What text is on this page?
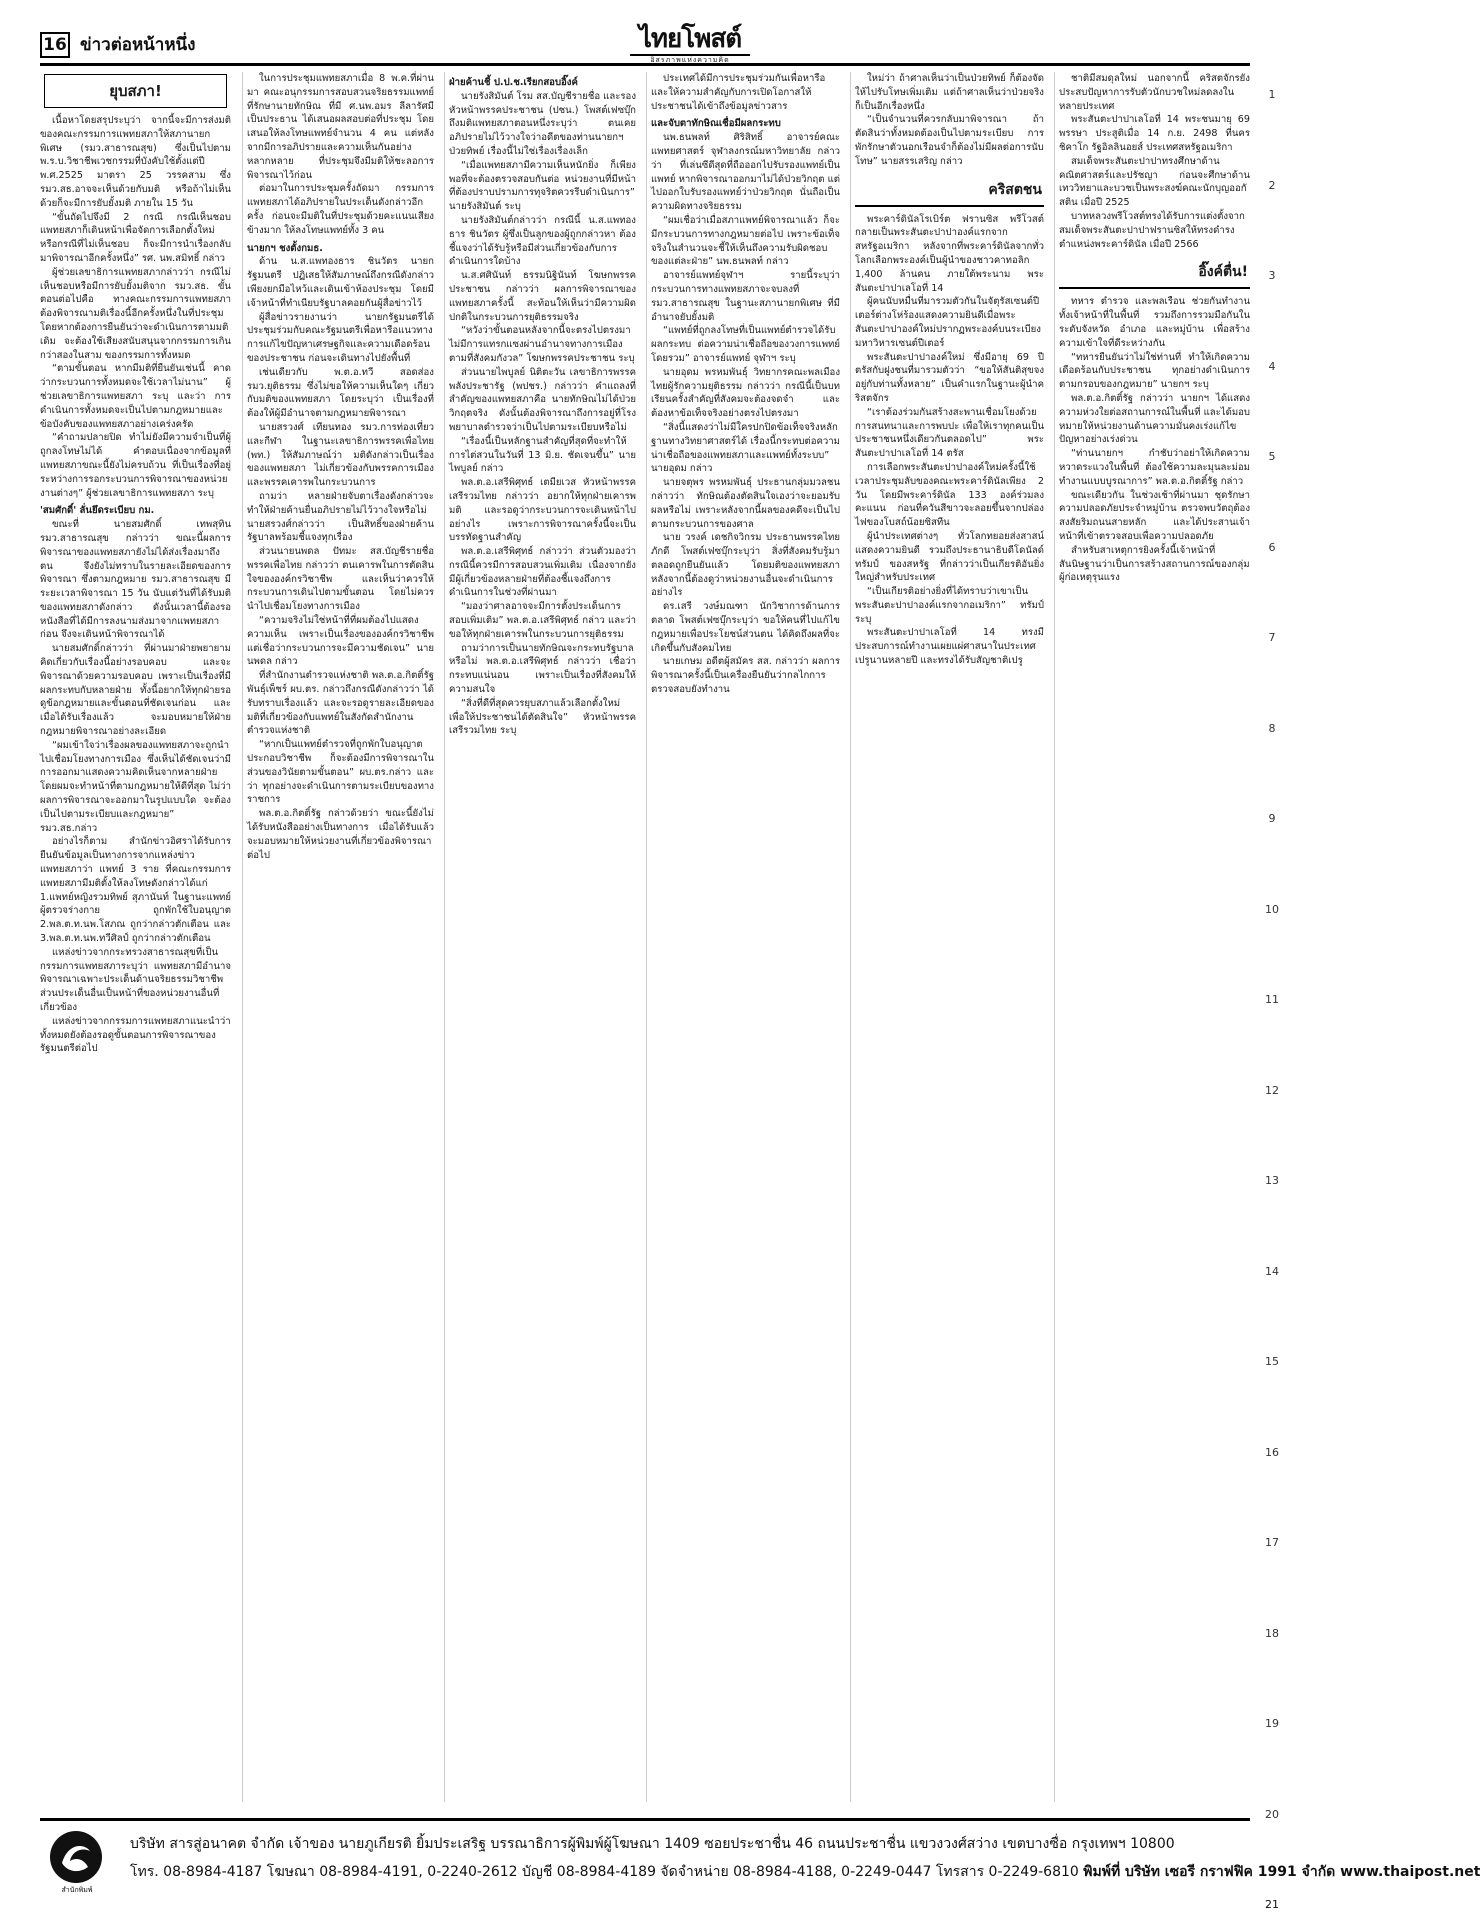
16 ข่าวต่อหน้าหนึ่ง	ไทยโพสต์
อิสรภาพแห่งความคิด
1
2
3
4
5
6
7
8
9
10
11
12
13
14
15
16
17
18
19
20
ยุบสภา!

เนื้อหาโดยสรุประบุว่า จากนี้จะมีการส่งมติของคณะกรรมการแพทยสภาให้สภานายกพิเศษ (รมว.สาธารณสุข) ซึ่งเป็นไปตาม พ.ร.บ.วิชาชีพเวชกรรมที่บังคับใช้ตั้งแต่ปี พ.ศ.2525 มาตรา 25 วรรคสาม ซึ่ง รมว.สธ.อาจจะเห็นด้วยกับมติ หรือถ้าไม่เห็นด้วยก็จะมีการยับยั้งมติ ภายใน 15 วัน

“ขั้นถัดไปจึงมี 2 กรณี กรณีเห็นชอบ แพทยสภาก็เดินหน้าเพื่อจัดการเลือกตั้งใหม่ หรือกรณีที่ไม่เห็นชอบ ก็จะมีการนำเรื่องกลับมาพิจารณาอีกครั้งหนึ่ง” รศ. นพ.สมิทธิ์ กล่าว

ผู้ช่วยเลขาธิการแพทยสภากล่าวว่า กรณีไม่เห็นชอบหรือมีการยับยั้งมติจาก รมว.สธ. ขั้นตอนต่อไปคือ ทางคณะกรรมการแพทยสภาต้องพิจารณามติเรื่องนี้อีกครั้งหนึ่งในที่ประชุม โดยหากต้องการยืนยันว่าจะดำเนินการตามมติเดิม จะต้องใช้เสียงสนับสนุนจากกรรมการเกินกว่าสองในสาม ของกรรมการทั้งหมด

“ตามขั้นตอน หากมีมติที่ยืนยันเช่นนี้ คาดว่ากระบวนการทั้งหมดจะใช้เวลาไม่นาน” ผู้ช่วยเลขาธิการแพทยสภา ระบุ และว่า การดำเนินการทั้งหมดจะเป็นไปตามกฎหมายและข้อบังคับของแพทยสภาอย่างเคร่งครัด

“คำถามปลายปิด ทำไม่ยังมีความจำเป็นที่ผู้ถูกลงโทษไม่ได้ คำตอบเนื่องจากข้อมูลที่แพทยสภาขณะนี้ยังไม่ครบถ้วน ที่เป็นเรื่องที่อยู่ระหว่างการรอกระบวนการพิจารณาของหน่วยงานต่างๆ” ผู้ช่วยเลขาธิการแพทยสภา ระบุ

'สมศักดิ์' ลั่นยึดระเบียบ กม.

ขณะที่ นายสมศักดิ์ เทพสุทิน รมว.สาธารณสุข กล่าวว่า ขณะนี้ผลการพิจารณาของแพทยสภายังไม่ได้ส่งเรื่องมาถึงตน จึงยังไม่ทราบในรายละเอียดของการพิจารณา ซึ่งตามกฎหมาย รมว.สาธารณสุข มีระยะเวลาพิจารณา 15 วัน นับแต่วันที่ได้รับมติของแพทยสภาดังกล่าว ดังนั้นเวลานี้ต้องรอหนังสือที่ได้มีการลงนามส่งมาจากแพทยสภาก่อน จึงจะเดินหน้าพิจารณาได้

นายสมศักดิ์กล่าวว่า ที่ผ่านมาฝ่ายพยายามคิดเกี่ยวกับเรื่องนี้อย่างรอบคอบ และจะพิจารณาด้วยความรอบคอบ เพราะเป็นเรื่องที่มีผลกระทบกับหลายฝ่าย ทั้งนี้อยากให้ทุกฝ่ายรอดูข้อกฎหมายและขั้นตอนที่ชัดเจนก่อน และเมื่อได้รับเรื่องแล้ว จะมอบหมายให้ฝ่ายกฎหมายพิจารณาอย่างละเอียด

“ผมเข้าใจว่าเรื่องผลของแพทยสภาจะถูกนำไปเชื่อมโยงทางการเมือง ซึ่งเห็นได้ชัดเจนว่ามีการออกมาแสดงความคิดเห็นจากหลายฝ่าย โดยผมจะทำหน้าที่ตามกฎหมายให้ดีที่สุด ไม่ว่าผลการพิจารณาจะออกมาในรูปแบบใด จะต้องเป็นไปตามระเบียบและกฎหมาย” รมว.สธ.กล่าว

อย่างไรก็ตาม สำนักข่าวอิศราได้รับการยืนยันข้อมูลเป็นทางการจากแหล่งข่าวแพทยสภาว่า แพทย์ 3 ราย ที่คณะกรรมการแพทยสภามีมติตั้งให้ลงโทษดังกล่าวได้แก่ 1.แพทย์หญิงรวมทิพย์ สุภานันท์ ในฐานะแพทย์ผู้ตรวจร่างกาย ถูกพักใช้ใบอนุญาต 2.พล.ต.ท.นพ.โสภณ ถูกว่ากล่าวตักเตือน และ 3.พล.ต.ท.นพ.ทวีศิลป์ ถูกว่ากล่าวตักเตือน

แหล่งข่าวจากกระทรวงสาธารณสุขที่เป็นกรรมการแพทยสภาระบุว่า แพทยสภามีอำนาจพิจารณาเฉพาะประเด็นด้านจริยธรรมวิชาชีพ ส่วนประเด็นอื่นเป็นหน้าที่ของหน่วยงานอื่นที่เกี่ยวข้อง

แหล่งข่าวจากกรรมการแพทยสภาแนะนำว่า ทั้งหมดยังต้องรอดูขั้นตอนการพิจารณาของรัฐมนตรีต่อไป

ในการประชุมแพทยสภาเมื่อ 8 พ.ค.ที่ผ่านมา คณะอนุกรรมการสอบสวนจริยธรรมแพทย์ที่รักษานายทักษิณ ที่มี ศ.นพ.อมร ลีลารัศมี เป็นประธาน ได้เสนอผลสอบต่อที่ประชุม โดยเสนอให้ลงโทษแพทย์จำนวน 4 คน แต่หลังจากมีการอภิปรายและความเห็นกันอย่างหลากหลาย ที่ประชุมจึงมีมติให้ชะลอการพิจารณาไว้ก่อน

ต่อมาในการประชุมครั้งถัดมา กรรมการแพทยสภาได้อภิปรายในประเด็นดังกล่าวอีกครั้ง ก่อนจะมีมติในที่ประชุมด้วยคะแนนเสียงข้างมาก ให้ลงโทษแพทย์ทั้ง 3 คน

นายกฯ ชงตั้งกมธ.

ด้าน น.ส.แพทองธาร ชินวัตร นายกรัฐมนตรี ปฏิเสธให้สัมภาษณ์ถึงกรณีดังกล่าว เพียงยกมือไหว้และเดินเข้าห้องประชุม โดยมีเจ้าหน้าที่ทำเนียบรัฐบาลคอยกันผู้สื่อข่าวไว้

ผู้สื่อข่าวรายงานว่า นายกรัฐมนตรีได้ประชุมร่วมกับคณะรัฐมนตรีเพื่อหารือแนวทางการแก้ไขปัญหาเศรษฐกิจและความเดือดร้อนของประชาชน ก่อนจะเดินทางไปยังพื้นที่

เช่นเดียวกับ พ.ต.อ.ทวี สอดส่อง รมว.ยุติธรรม ซึ่งไม่ขอให้ความเห็นใดๆ เกี่ยวกับมติของแพทยสภา โดยระบุว่า เป็นเรื่องที่ต้องให้ผู้มีอำนาจตามกฎหมายพิจารณา

นายสรวงศ์ เทียนทอง รมว.การท่องเที่ยวและกีฬา ในฐานะเลขาธิการพรรคเพื่อไทย (พท.) ให้สัมภาษณ์ว่า มติดังกล่าวเป็นเรื่องของแพทยสภา ไม่เกี่ยวข้องกับพรรคการเมือง และพรรคเคารพในกระบวนการ

ถามว่า หลายฝ่ายจับตาเรื่องดังกล่าวจะทำให้ฝ่ายค้านยื่นอภิปรายไม่ไว้วางใจหรือไม่ นายสรวงศ์กล่าวว่า เป็นสิทธิ์ของฝ่ายค้าน รัฐบาลพร้อมชี้แจงทุกเรื่อง

ส่วนนายนพดล ปัทมะ สส.บัญชีรายชื่อ พรรคเพื่อไทย กล่าวว่า ตนเคารพในการตัดสินใจขององค์กรวิชาชีพ และเห็นว่าควรให้กระบวนการเดินไปตามขั้นตอน โดยไม่ควรนำไปเชื่อมโยงทางการเมือง

“ความจริงไม่ใช่หน้าที่ที่ผมต้องไปแสดงความเห็น เพราะเป็นเรื่องขององค์กรวิชาชีพ แต่เชื่อว่ากระบวนการจะมีความชัดเจน” นายนพดล กล่าว

ที่สำนักงานตำรวจแห่งชาติ พล.ต.อ.กิตติ์รัฐ พันธุ์เพ็ชร์ ผบ.ตร. กล่าวถึงกรณีดังกล่าวว่า ได้รับทราบเรื่องแล้ว และจะรอดูรายละเอียดของมติที่เกี่ยวข้องกับแพทย์ในสังกัดสำนักงานตำรวจแห่งชาติ

“หากเป็นแพทย์ตำรวจที่ถูกพักใบอนุญาตประกอบวิชาชีพ ก็จะต้องมีการพิจารณาในส่วนของวินัยตามขั้นตอน” ผบ.ตร.กล่าว และว่า ทุกอย่างจะดำเนินการตามระเบียบของทางราชการ

พล.ต.อ.กิตติ์รัฐ กล่าวด้วยว่า ขณะนี้ยังไม่ได้รับหนังสืออย่างเป็นทางการ เมื่อได้รับแล้วจะมอบหมายให้หน่วยงานที่เกี่ยวข้องพิจารณาต่อไป

ฝ่ายค้านชี้ ป.ป.ช.เรียกสอบอิ๊งค์

นายรังสิมันต์ โรม สส.บัญชีรายชื่อ และรองหัวหน้าพรรคประชาชน (ปชน.) โพสต์เฟซบุ๊กถึงมติแพทยสภาตอนหนึ่งระบุว่า ตนเคยอภิปรายไม่ไว้วางใจว่าอดีตของท่านนายกฯ ป่วยทิพย์ เรื่องนี้ไม่ใช่เรื่องเรื่องเล็ก

“เมื่อแพทยสภามีความเห็นหนักยิ่ง ก็เพียงพอที่จะต้องตรวจสอบกันต่อ หน่วยงานที่มีหน้าที่ต้องปราบปรามการทุจริตควรรีบดำเนินการ” นายรังสิมันต์ ระบุ

นายรังสิมันต์กล่าวว่า กรณีนี้ น.ส.แพทองธาร ชินวัตร ผู้ซึ่งเป็นลูกของผู้ถูกกล่าวหา ต้องชี้แจงว่าได้รับรู้หรือมีส่วนเกี่ยวข้องกับการดำเนินการใดบ้าง

น.ส.ศศินันท์ ธรรมนิฐินันท์ โฆษกพรรคประชาชน กล่าวว่า ผลการพิจารณาของแพทยสภาครั้งนี้ สะท้อนให้เห็นว่ามีความผิดปกติในกระบวนการยุติธรรมจริง

“หวังว่าขั้นตอนหลังจากนี้จะตรงไปตรงมา ไม่มีการแทรกแซงผ่านอำนาจทางการเมือง ตามที่สังคมกังวล” โฆษกพรรคประชาชน ระบุ

ส่วนนายไพบูลย์ นิติตะวัน เลขาธิการพรรคพลังประชารัฐ (พปชร.) กล่าวว่า คำแถลงที่สำคัญของแพทยสภาคือ นายทักษิณไม่ได้ป่วยวิกฤตจริง ดังนั้นต้องพิจารณาถึงการอยู่ที่โรงพยาบาลตำรวจว่าเป็นไปตามระเบียบหรือไม่

“เรื่องนี้เป็นหลักฐานสำคัญที่สุดที่จะทำให้การไต่สวนในวันที่ 13 มิ.ย. ชัดเจนขึ้น” นายไพบูลย์ กล่าว

พล.ต.อ.เสรีพิศุทธ์ เตมียเวส หัวหน้าพรรคเสรีรวมไทย กล่าวว่า อยากให้ทุกฝ่ายเคารพมติ และรอดูว่ากระบวนการจะเดินหน้าไปอย่างไร เพราะการพิจารณาครั้งนี้จะเป็นบรรทัดฐานสำคัญ

พล.ต.อ.เสรีพิศุทธ์ กล่าวว่า ส่วนตัวมองว่ากรณีนี้ควรมีการสอบสวนเพิ่มเติม เนื่องจากยังมีผู้เกี่ยวข้องหลายฝ่ายที่ต้องชี้แจงถึงการดำเนินการในช่วงที่ผ่านมา

“มองว่าศาลอาจจะมีการตั้งประเด็นการสอบเพิ่มเติม” พล.ต.อ.เสรีพิศุทธ์ กล่าว และว่า ขอให้ทุกฝ่ายเคารพในกระบวนการยุติธรรม

ถามว่าการเป็นนายทักษิณจะกระทบรัฐบาลหรือไม่ พล.ต.อ.เสรีพิศุทธ์ กล่าวว่า เชื่อว่ากระทบแน่นอน เพราะเป็นเรื่องที่สังคมให้ความสนใจ

“สิ่งที่ดีที่สุดควรยุบสภาแล้วเลือกตั้งใหม่ เพื่อให้ประชาชนได้ตัดสินใจ” หัวหน้าพรรคเสรีรวมไทย ระบุ

ประเทศได้มีการประชุมร่วมกันเพื่อหารือ และให้ความสำคัญกับการเปิดโอกาสให้ประชาชนได้เข้าถึงข้อมูลข่าวสาร

และจับตาทักษิณเชื่อมีผลกระทบ

นพ.ธนพลท์ ศิริสิทธิ์ อาจารย์คณะแพทยศาสตร์ จุฬาลงกรณ์มหาวิทยาลัย กล่าวว่า ที่เล่นซีดีสุดที่ถือออกไปรับรองแพทย์เป็นแพทย์ หากพิจารณาออกมาไม่ได้ป่วยวิกฤต แต่ไปออกใบรับรองแพทย์ว่าป่วยวิกฤต นั่นถือเป็นความผิดทางจริยธรรม

“ผมเชื่อว่าเมื่อสภาแพทย์พิจารณาแล้ว ก็จะมีกระบวนการทางกฎหมายต่อไป เพราะข้อเท็จจริงในสำนวนจะชี้ให้เห็นถึงความรับผิดชอบของแต่ละฝ่าย” นพ.ธนพลท์ กล่าว

อาจารย์แพทย์จุฬาฯ รายนี้ระบุว่า กระบวนการทางแพทยสภาจะจบลงที่ รมว.สาธารณสุข ในฐานะสภานายกพิเศษ ที่มีอำนาจยับยั้งมติ

“แพทย์ที่ถูกลงโทษที่เป็นแพทย์ตำรวจได้รับผลกระทบ ต่อความน่าเชื่อถือของวงการแพทย์โดยรวม” อาจารย์แพทย์ จุฬาฯ ระบุ

นายอุดม พรหมพันธุ์ วิทยากรคณะพลเมืองไทยผู้รักความยุติธรรม กล่าวว่า กรณีนี้เป็นบทเรียนครั้งสำคัญที่สังคมจะต้องจดจำ และต้องหาข้อเท็จจริงอย่างตรงไปตรงมา

“สิ่งนี้แสดงว่าไม่มีใครปกปิดข้อเท็จจริงหลักฐานทางวิทยาศาสตร์ได้ เรื่องนี้กระทบต่อความน่าเชื่อถือของแพทยสภาและแพทย์ทั้งระบบ” นายอุดม กล่าว

นายจตุพร พรหมพันธุ์ ประธานกลุ่มมวลชน กล่าวว่า ทักษิณต้องตัดสินใจเองว่าจะยอมรับผลหรือไม่ เพราะหลังจากนี้ผลของคดีจะเป็นไปตามกระบวนการของศาล

นาย วรงค์ เดชกิจวิกรม ประธานพรรคไทยภักดี โพสต์เฟซบุ๊กระบุว่า สิ่งที่สังคมรับรู้มาตลอดถูกยืนยันแล้ว โดยมติของแพทยสภา หลังจากนี้ต้องดูว่าหน่วยงานอื่นจะดำเนินการอย่างไร

ดร.เสรี วงษ์มณฑา นักวิชาการด้านการตลาด โพสต์เฟซบุ๊กระบุว่า ขอให้คนที่ไปแก้ไขกฎหมายเพื่อประโยชน์ส่วนตน ได้คิดถึงผลที่จะเกิดขึ้นกับสังคมไทย

นายเกษม อดีตผู้สมัคร สส. กล่าวว่า ผลการพิจารณาครั้งนี้เป็นเครื่องยืนยันว่ากลไกการตรวจสอบยังทำงาน

ใหม่ว่า ถ้าศาลเห็นว่าเป็นป่วยทิพย์ ก็ต้องจัดให้ไปรับโทษเพิ่มเติม แต่ถ้าศาลเห็นว่าป่วยจริงก็เป็นอีกเรื่องหนึ่ง

“เป็นจำนวนที่ควรกลับมาพิจารณา ถ้าตัดสินว่าทั้งหมดต้องเป็นไปตามระเบียบ การพักรักษาตัวนอกเรือนจำก็ต้องไม่มีผลต่อการนับโทษ” นายสรรเสริญ กล่าว

คริสตชน

พระคาร์ดินัลโรเบิร์ต ฟรานซิส พรีโวสต์ กลายเป็นพระสันตะปาปาองค์แรกจากสหรัฐอเมริกา หลังจากที่พระคาร์ดินัลจากทั่วโลกเลือกพระองค์เป็นผู้นำของชาวคาทอลิก 1,400 ล้านคน ภายใต้พระนาม พระสันตะปาปาเลโอที่ 14

ผู้คนนับหมื่นที่มารวมตัวกันในจัตุรัสเซนต์ปีเตอร์ต่างโห่ร้องแสดงความยินดีเมื่อพระสันตะปาปาองค์ใหม่ปรากฏพระองค์บนระเบียงมหาวิหารเซนต์ปีเตอร์

พระสันตะปาปาองค์ใหม่ ซึ่งมีอายุ 69 ปี ตรัสกับฝูงชนที่มารวมตัวว่า “ขอให้สันติสุขจงอยู่กับท่านทั้งหลาย” เป็นคำแรกในฐานะผู้นำคริสตจักร

“เราต้องร่วมกันสร้างสะพานเชื่อมโยงด้วยการสนทนาและการพบปะ เพื่อให้เราทุกคนเป็นประชาชนหนึ่งเดียวกันตลอดไป” พระสันตะปาปาเลโอที่ 14 ตรัส

การเลือกพระสันตะปาปาองค์ใหม่ครั้งนี้ใช้เวลาประชุมลับของคณะพระคาร์ดินัลเพียง 2 วัน โดยมีพระคาร์ดินัล 133 องค์ร่วมลงคะแนน ก่อนที่ควันสีขาวจะลอยขึ้นจากปล่องไฟของโบสถ์น้อยซิสทีน

ผู้นำประเทศต่างๆ ทั่วโลกทยอยส่งสาสน์แสดงความยินดี รวมถึงประธานาธิบดีโดนัลด์ ทรัมป์ ของสหรัฐ ที่กล่าวว่าเป็นเกียรติอันยิ่งใหญ่สำหรับประเทศ

“เป็นเกียรติอย่างยิ่งที่ได้ทราบว่าเขาเป็นพระสันตะปาปาองค์แรกจากอเมริกา” ทรัมป์ระบุ

พระสันตะปาปาเลโอที่ 14 ทรงมีประสบการณ์ทำงานเผยแผ่ศาสนาในประเทศเปรูนานหลายปี และทรงได้รับสัญชาติเปรู

ชาติมีสมดุลใหม่ นอกจากนี้ คริสตจักรยังประสบปัญหาการรับตัวนักบวชใหม่ลดลงในหลายประเทศ

พระสันตะปาปาเลโอที่ 14 พระชนมายุ 69 พรรษา ประสูติเมื่อ 14 ก.ย. 2498 ที่นครชิคาโก รัฐอิลลินอยส์ ประเทศสหรัฐอเมริกา

สมเด็จพระสันตะปาปาทรงศึกษาด้านคณิตศาสตร์และปรัชญา ก่อนจะศึกษาด้านเทววิทยาและบวชเป็นพระสงฆ์คณะนักบุญออกัสติน เมื่อปี 2525

บาทหลวงพรีโวสต์ทรงได้รับการแต่งตั้งจากสมเด็จพระสันตะปาปาฟรานซิสให้ทรงดำรงตำแหน่งพระคาร์ดินัล เมื่อปี 2566

อิ๊งค์ตื่น!

ทหาร ตำรวจ และพลเรือน ช่วยกันทำงานทั้งเจ้าหน้าที่ในพื้นที่ รวมถึงการรวมมือกันในระดับจังหวัด อำเภอ และหมู่บ้าน เพื่อสร้างความเข้าใจที่ดีระหว่างกัน

“ทหารยืนยันว่าไม่ใช่ท่านที่ ทำให้เกิดความเดือดร้อนกับประชาชน ทุกอย่างดำเนินการตามกรอบของกฎหมาย” นายกฯ ระบุ

พล.ต.อ.กิตติ์รัฐ กล่าวว่า นายกฯ ได้แสดงความห่วงใยต่อสถานการณ์ในพื้นที่ และได้มอบหมายให้หน่วยงานด้านความมั่นคงเร่งแก้ไขปัญหาอย่างเร่งด่วน

“ท่านนายกฯ กำชับว่าอย่าให้เกิดความหวาดระแวงในพื้นที่ ต้องใช้ความละมุนละม่อม ทำงานแบบบูรณาการ” พล.ต.อ.กิตติ์รัฐ กล่าว

ขณะเดียวกัน ในช่วงเช้าที่ผ่านมา ชุดรักษาความปลอดภัยประจำหมู่บ้าน ตรวจพบวัตถุต้องสงสัยริมถนนสายหลัก และได้ประสานเจ้าหน้าที่เข้าตรวจสอบเพื่อความปลอดภัย

สำหรับสาเหตุการยิงครั้งนี้เจ้าหน้าที่สันนิษฐานว่าเป็นการสร้างสถานการณ์ของกลุ่มผู้ก่อเหตุรุนแรง

สำนักพิมพ์
บริษัท สารสู่อนาคต จำกัด เจ้าของ นายภูเกียรติ ยิ้มประเสริฐ บรรณาธิการผู้พิมพ์ผู้โฆษณา 1409 ซอยประชาชื่น 46 ถนนประชาชื่น แขวงวงศ์สว่าง เขตบางซื่อ กรุงเทพฯ 10800
โทร. 08-8984-4187 โฆษณา 08-8984-4191, 0-2240-2612 บัญชี 08-8984-4189 จัดจำหน่าย 08-8984-4188, 0-2249-0447 โทรสาร 0-2249-6810 พิมพ์ที่ บริษัท เซอรี กราฟฟิค 1991 จำกัด www.thaipost.net
21
